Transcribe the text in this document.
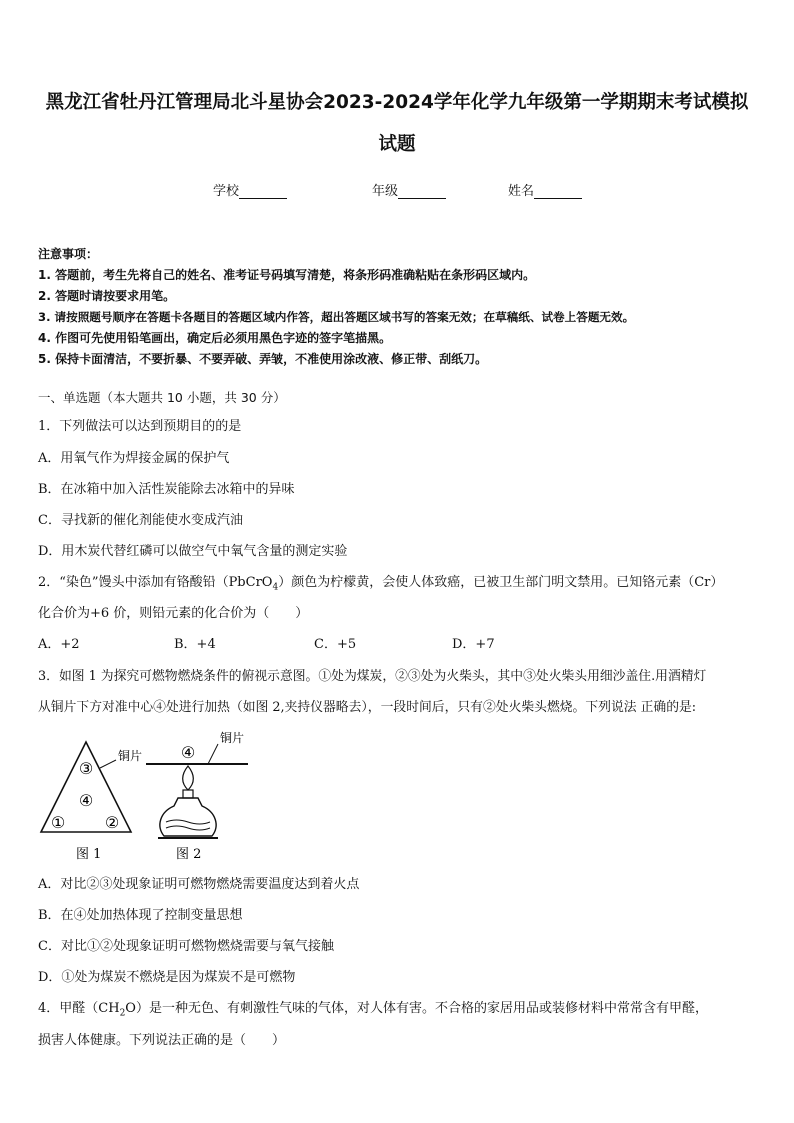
黑龙江省牡丹江管理局北斗星协会2023-2024学年化学九年级第一学期期末考试模拟
试题
学校	年级	姓名
注意事项：
1. 答题前，考生先将自己的姓名、准考证号码填写清楚，将条形码准确粘贴在条形码区域内。
2. 答题时请按要求用笔。
3. 请按照题号顺序在答题卡各题目的答题区域内作答，超出答题区域书写的答案无效；在草稿纸、试卷上答题无效。
4. 作图可先使用铅笔画出，确定后必须用黑色字迹的签字笔描黑。
5. 保持卡面清洁，不要折暴、不要弄破、弄皱，不准使用涂改液、修正带、刮纸刀。
一、单选题（本大题共 10 小题，共 30 分）
1．下列做法可以达到预期目的的是
A．用氧气作为焊接金属的保护气
B．在冰箱中加入活性炭能除去冰箱中的异味
C．寻找新的催化剂能使水变成汽油
D．用木炭代替红磷可以做空气中氧气含量的测定实验
2．“染色”馒头中添加有铬酸铅（PbCrO$_4$）颜色为柠檬黄，会使人体致癌，已被卫生部门明文禁用。已知铬元素（Cr）
化合价为+6 价，则铅元素的化合价为（　　）
A．+2	B．+4	C．+5	D．+7
3．如图 1 为探究可燃物燃烧条件的俯视示意图。①处为煤炭，②③处为火柴头，其中③处火柴头用细沙盖住.用酒精灯
从铜片下方对准中心④处进行加热（如图 2,夹持仪器略去），一段时间后，只有②处火柴头燃烧。下列说法 正确的是:
③
④
① ②
铜片
图 1
铜片
④
图 2
A．对比②③处现象证明可燃物燃烧需要温度达到着火点
B．在④处加热体现了控制变量思想
C．对比①②处现象证明可燃物燃烧需要与氧气接触
D．①处为煤炭不燃烧是因为煤炭不是可燃物
4．甲醛$(CH_2O)$是一种无色、有刺激性气味的气体，对人体有害。不合格的家居用品或装修材料中常常含有甲醛，
损害人体健康。下列说法正确的是（　　）
